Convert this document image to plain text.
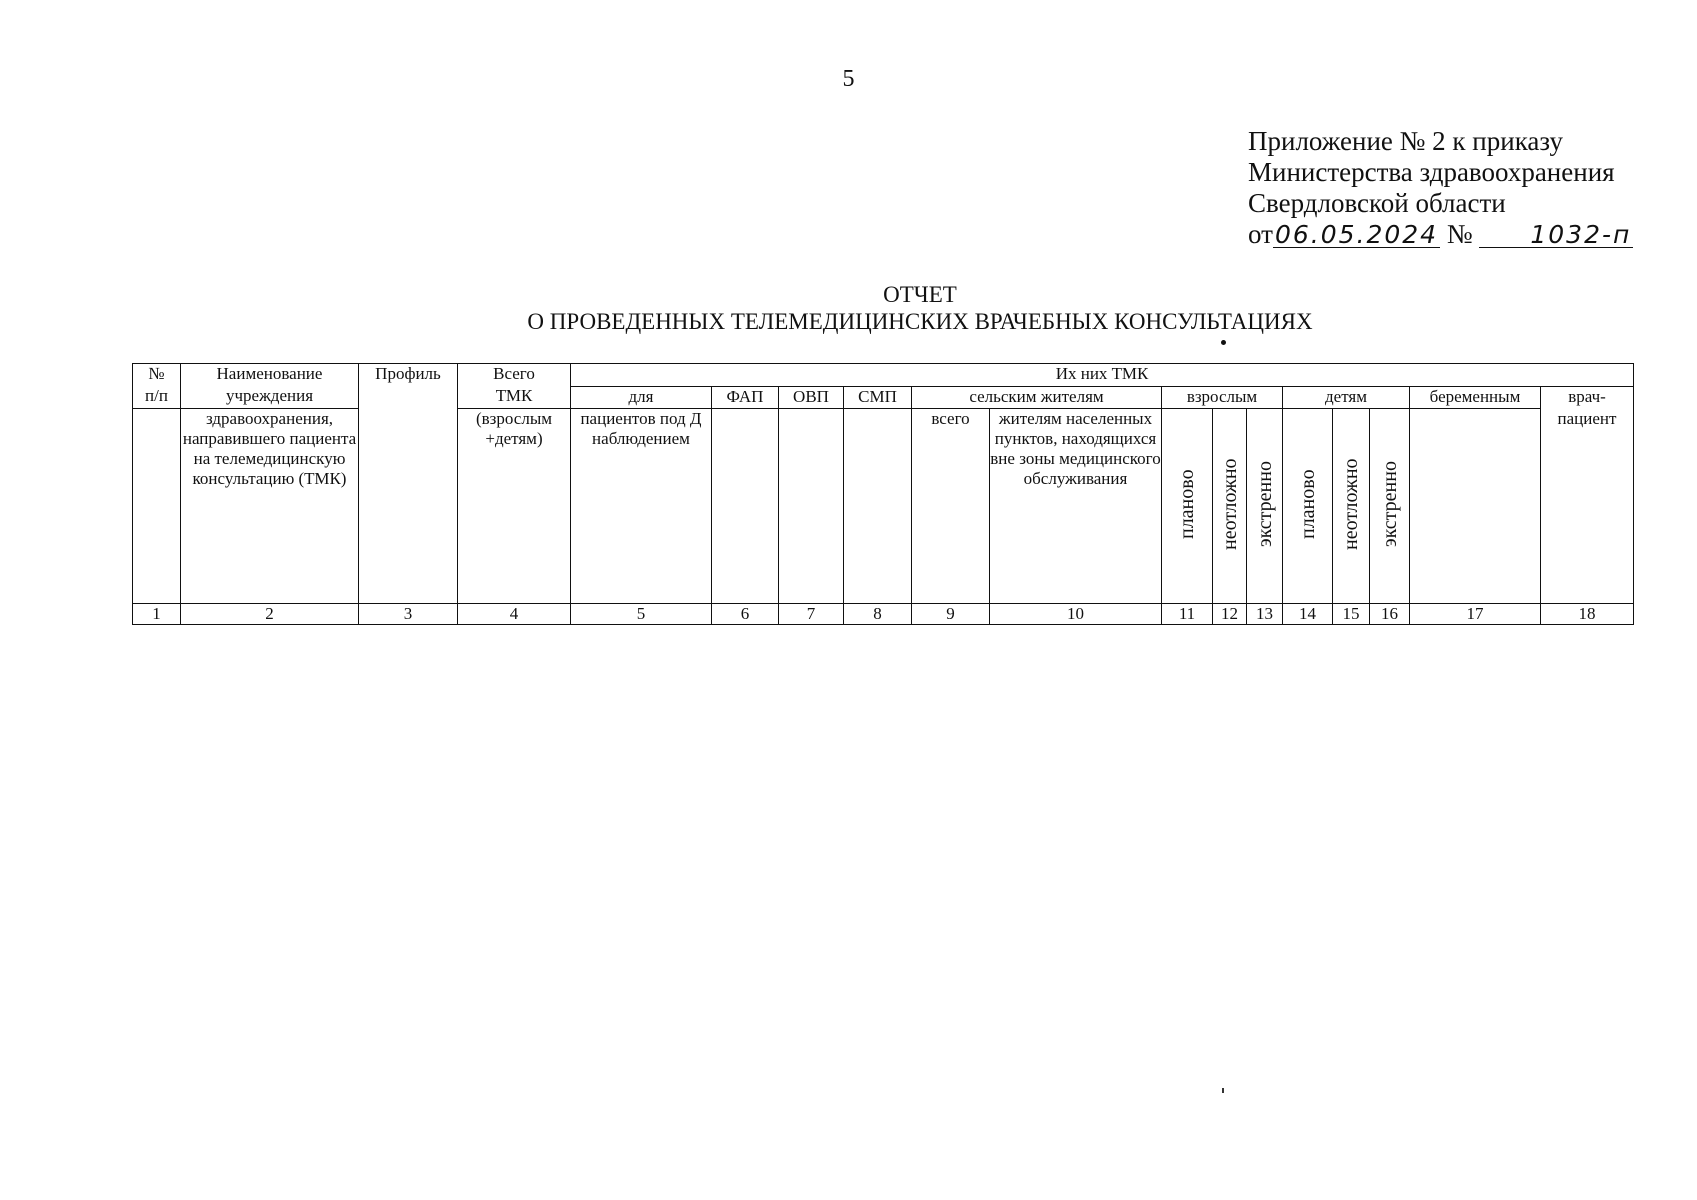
5
Приложение № 2 к приказу
Министерства здравоохранения
Свердловской области
от06.05.2024 № 1032-п
ОТЧЕТ
О ПРОВЕДЕННЫХ ТЕЛЕМЕДИЦИНСКИХ ВРАЧЕБНЫХ КОНСУЛЬТАЦИЯХ
№	Наименование	Профиль	Всего	Их них ТМК													
п/п	учреждения		ТМК	для	ФАП	ОВП	СМП	сельским жителям		взрослым			детям			беременным	врач-
	здравоохранения, направившего пациента на телемедицинскую консультацию (ТМК)		(взрослым +детям)	пациентов под Д наблюдением				всего	жителям населенных пунктов, находящихся вне зоны медицинского обслуживания	планово	неотложно	экстренно	планово	неотложно	экстренно		пациент
1	2	3	4	5	6	7	8	9	10	11	12	13	14	15	16	17	18
